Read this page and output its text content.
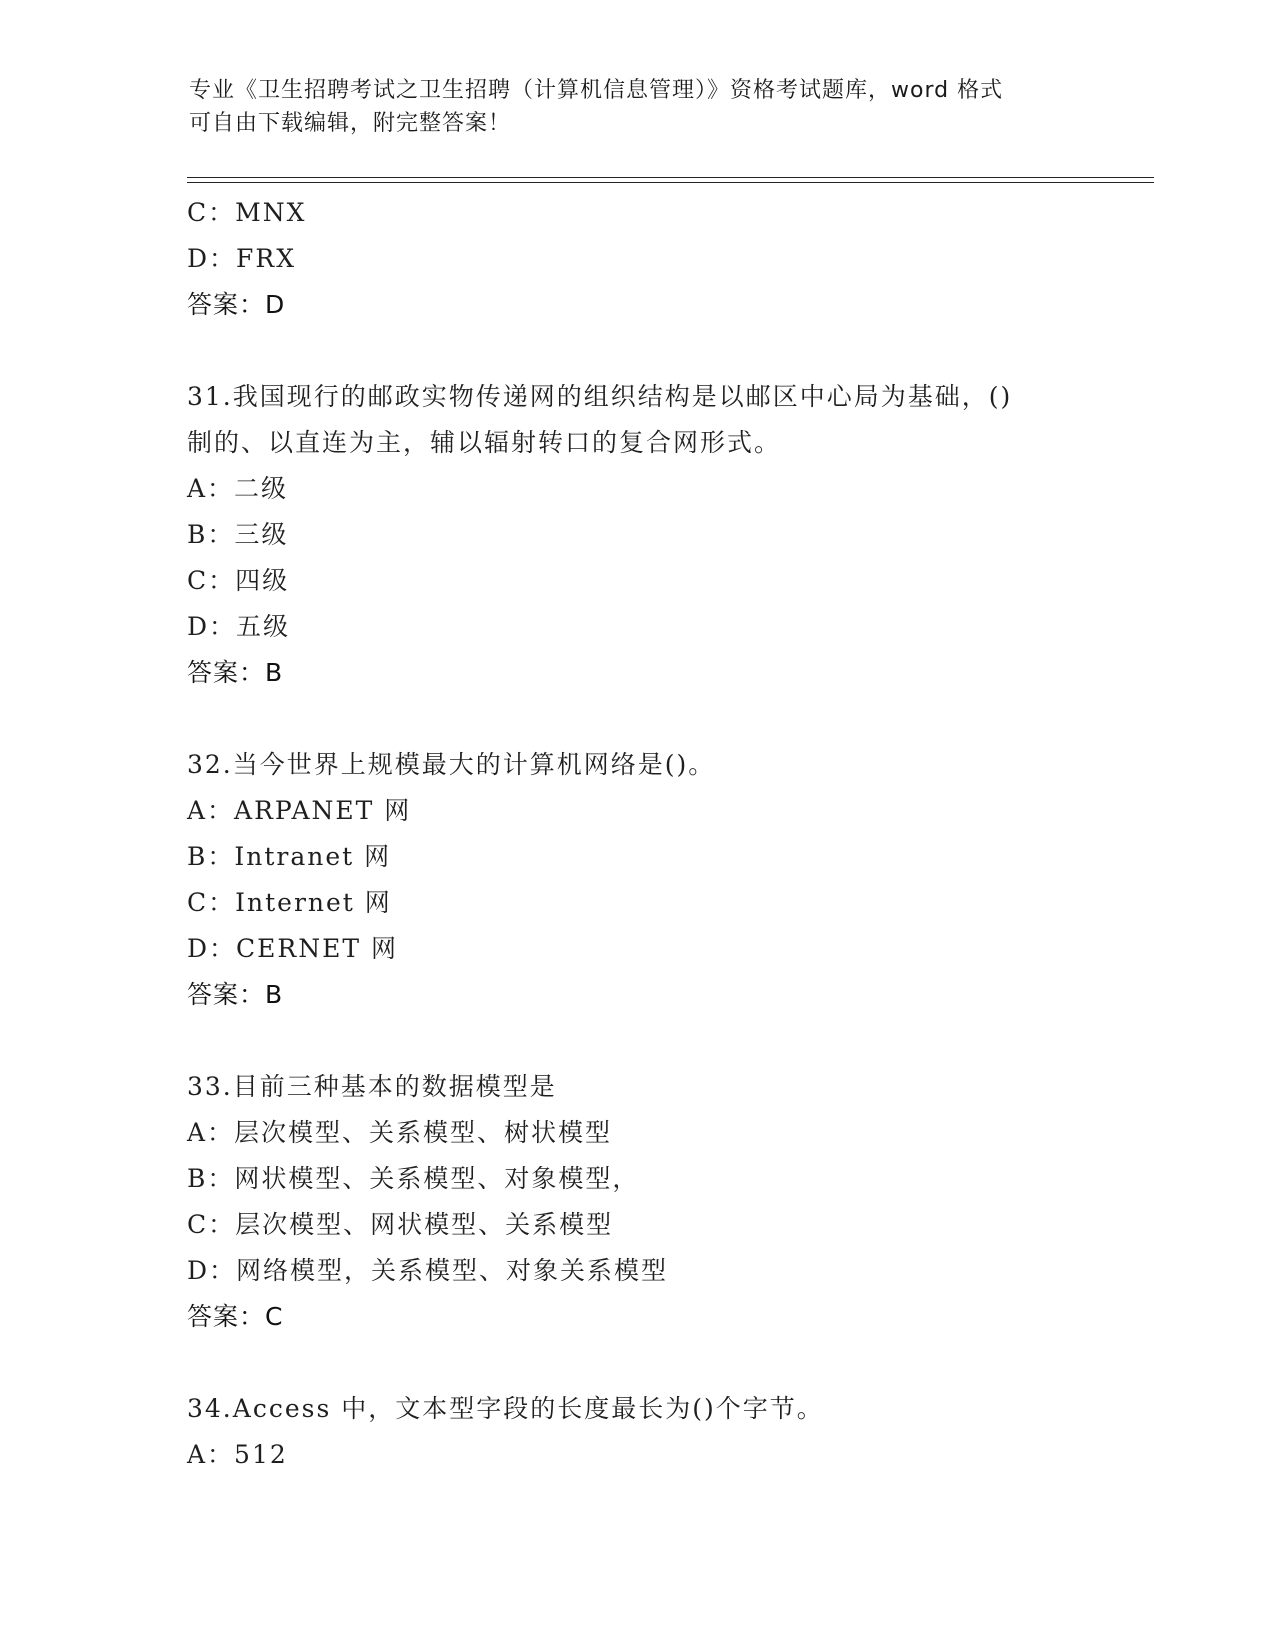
专业《卫生招聘考试之卫生招聘（计算机信息管理）》资格考试题库，word 格式
可自由下载编辑，附完整答案！
C：MNX
D：FRX
答案：D
31.我国现行的邮政实物传递网的组织结构是以邮区中心局为基础，()
制的、以直连为主，辅以辐射转口的复合网形式。
A：二级
B：三级
C：四级
D：五级
答案：B
32.当今世界上规模最大的计算机网络是()。
A：ARPANET 网
B：Intranet 网
C：Internet 网
D：CERNET 网
答案：B
33.目前三种基本的数据模型是
A：层次模型、关系模型、树状模型
B：网状模型、关系模型、对象模型，
C：层次模型、网状模型、关系模型
D：网络模型，关系模型、对象关系模型
答案：C
34.Access 中，文本型字段的长度最长为()个字节。
A：512
